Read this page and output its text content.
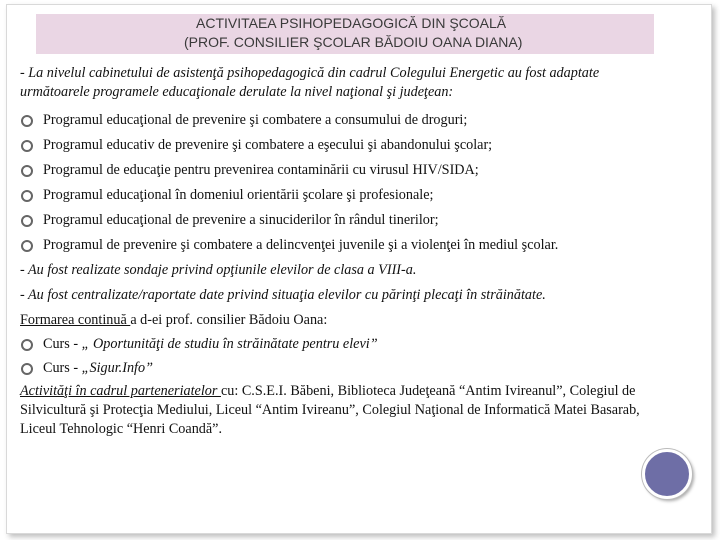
ACTIVITAEA PSIHOPEDAGOGICĂ DIN ŞCOALĂ
(PROF. CONSILIER ŞCOLAR BĂDOIU OANA DIANA)

- La nivelul cabinetului de asistenţă psihopedagogică din cadrul Colegului Energetic au fost adaptate următoarele programele educaţionale derulate la nivel naţional şi judeţean:

Programul educaţional de prevenire şi combatere a consumului de droguri;
Programul educativ de prevenire şi combatere a eşecului şi abandonului şcolar;
Programul de educaţie pentru prevenirea contaminării cu virusul HIV/SIDA;
Programul educaţional în domeniul orientării şcolare şi profesionale;
Programul educaţional de prevenire a sinuciderilor în rândul tinerilor;
Programul de prevenire şi combatere a delincvenţei juvenile şi a violenţei în mediul şcolar.
- Au fost realizate sondaje privind opţiunile elevilor de clasa a VIII-a.
- Au fost centralizate/raportate date privind situaţia elevilor cu părinţi plecaţi în străinătate.
Formarea continuă a d-ei prof. consilier Bădoiu Oana:
Curs - „ Oportunităţi de studiu în străinătate pentru elevi”
Curs - „Sigur.Info”

Activităţi în cadrul parteneriatelor cu: C.S.E.I. Băbeni, Biblioteca Judeţeană “Antim Ivireanul”, Colegiul de Silvicultură şi Protecţia Mediului, Liceul “Antim Ivireanu”, Colegiul Naţional de Informatică Matei Basarab, Liceul Tehnologic “Henri Coandă”.
